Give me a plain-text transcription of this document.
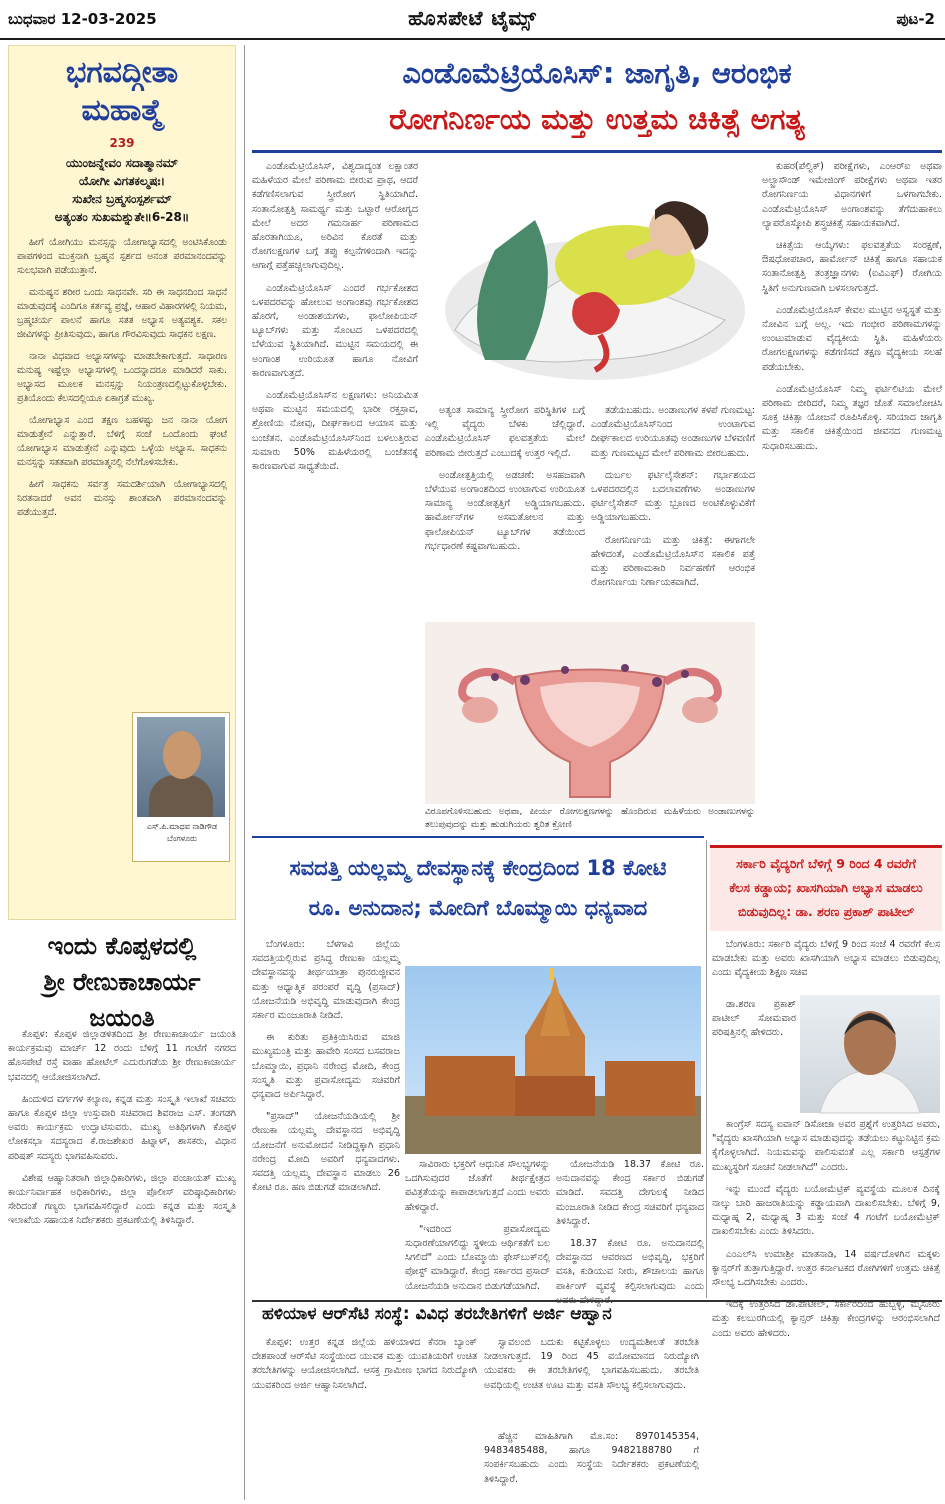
ಬುಧವಾರ 12-03-2025	ಹೊಸಪೇಟೆ ಟೈಮ್ಸ್	ಪುಟ-2
ಭಗವದ್ಗೀತಾ
ಮಹಾತ್ಮೆ
239
ಯುಂಜನ್ನೇವಂ ಸದಾತ್ಮಾನಮ್
ಯೋಗೀ ವಿಗತಕಲ್ಮಷಃ।
ಸುಖೇನ ಬ್ರಹ್ಮಸಂಸ್ಪರ್ಶಮ್
ಅತ್ಯಂತಂ ಸುಖಮಶ್ನುತೇ॥6-28॥

ಹೀಗೆ ಯೋಗಿಯು ಮನಸ್ಸನ್ನು ಯೋಗಾಭ್ಯಾಸದಲ್ಲಿ ಅಂಟಿಸಿಕೊಂಡು ಪಾಪಗಳಿಂದ ಮುಕ್ತನಾಗಿ ಬ್ರಹ್ಮನ ಸ್ಪರ್ಶದ ಅನಂತ ಪರಮಾನಂದವನ್ನು ಸುಲಭವಾಗಿ ಪಡೆಯುತ್ತಾನೆ.

ಮನುಷ್ಯನ ಶರೀರ ಒಂದು ಸಾಧನವೇ. ಸರಿ ಈ ಸಾಧನದಿಂದ ಸಾಧನೆ ಮಾಡುವುದಕ್ಕೆ ಎಂದಿಗೂ ಕರ್ತವ್ಯ ಪ್ರಜ್ಞೆ, ಆಹಾರ ವಿಹಾರಗಳಲ್ಲಿ ನಿಯಮ, ಬ್ರಹ್ಮಚರ್ಯ ಪಾಲನೆ ಹಾಗೂ ಸತತ ಅಭ್ಯಾಸ ಅತ್ಯವಶ್ಯಕ. ಸಕಲ ಜೀವಿಗಳನ್ನು ಪ್ರೀತಿಸುವುದು, ಹಾಗೂ ಗೌರವಿಸುವುದು ಸಾಧಕನ ಲಕ್ಷಣ.

ನಾನಾ ವಿಧವಾದ ಅಭ್ಯಾಸಗಳನ್ನು ಮಾಡಬೇಕಾಗುತ್ತದೆ. ಸಾಧಾರಣ ಮನುಷ್ಯ ಇಷ್ಟೆಲ್ಲಾ ಅಭ್ಯಾಸಗಳಲ್ಲಿ ಒಂದನ್ನಾದರೂ ಮಾಡಿದರೆ ಸಾಕು. ಅಭ್ಯಾಸದ ಮೂಲಕ ಮನಸ್ಸನ್ನು ನಿಯಂತ್ರಣದಲ್ಲಿಟ್ಟುಕೊಳ್ಳಬೇಕು. ಪ್ರತಿಯೊಂದು ಕೆಲಸದಲ್ಲಿಯೂ ಏಕಾಗ್ರತೆ ಮುಖ್ಯ.

ಯೋಗಾಭ್ಯಾಸ ಎಂದ ತಕ್ಷಣ ಬಹಳಷ್ಟು ಜನ ನಾನಾ ಯೋಗ ಮಾಡುತ್ತೇನೆ ಎನ್ನುತ್ತಾರೆ. ಬೆಳಿಗ್ಗೆ ಸಂಜೆ ಒಂದೊಂದು ಘಂಟೆ ಯೋಗಾಭ್ಯಾಸ ಮಾಡುತ್ತೇನೆ ಎನ್ನುವುದು ಒಳ್ಳೆಯ ಅಭ್ಯಾಸ. ಸಾಧಕನು ಮನಸ್ಸನ್ನು ಸತತವಾಗಿ ಪರಮಾತ್ಮನಲ್ಲಿ ನೆಲೆಗೊಳಿಸಬೇಕು.

ಹೀಗೆ ಸಾಧಕನು ಸರ್ವತ್ರ ಸಮದರ್ಶಿಯಾಗಿ ಯೋಗಾಭ್ಯಾಸದಲ್ಲಿ ನಿರತನಾದರೆ ಅವನ ಮನಸ್ಸು ಶಾಂತವಾಗಿ ಪರಮಾನಂದವನ್ನು ಪಡೆಯುತ್ತದೆ.

ಎಸ್.ಪಿ.ಮಾಧವ ನಾಡಿಗೌಡ ಬೆಂಗಳೂರು
ಇಂದು ಕೊಪ್ಪಳದಲ್ಲಿ
ಶ್ರೀ ರೇಣುಕಾಚಾರ್ಯ
ಜಯಂತಿ

ಕೊಪ್ಪಳ: ಕೊಪ್ಪಳ ಜಿಲ್ಲಾಡಳಿತದಿಂದ ಶ್ರೀ ರೇಣುಕಾಚಾರ್ಯ ಜಯಂತಿ ಕಾರ್ಯಕ್ರಮವು ಮಾರ್ಚ್ 12 ರಂದು ಬೆಳಿಗ್ಗೆ 11 ಗಂಟೆಗೆ ನಗರದ ಹೊಸಪೇಟೆ ರಸ್ತೆ ವಾಹಾ ಹೋಟೆಲ್ ಎದುರುಗಡೆಯ ಶ್ರೀ ರೇಣುಕಾಚಾರ್ಯ ಭವನದಲ್ಲಿ ಆಯೋಜಿಸಲಾಗಿದೆ.

ಹಿಂದುಳಿದ ವರ್ಗಗಳ ಕಲ್ಯಾಣ, ಕನ್ನಡ ಮತ್ತು ಸಂಸ್ಕೃತಿ ಇಲಾಖೆ ಸಚಿವರು ಹಾಗೂ ಕೊಪ್ಪಳ ಜಿಲ್ಲಾ ಉಸ್ತುವಾರಿ ಸಚಿವರಾದ ಶಿವರಾಜ ಎಸ್. ತಂಗಡಗಿ ಅವರು ಕಾರ್ಯಕ್ರಮ ಉದ್ಘಾಟಿಸುವರು. ಮುಖ್ಯ ಅತಿಥಿಗಳಾಗಿ ಕೊಪ್ಪಳ ಲೋಕಸಭಾ ಸದಸ್ಯರಾದ ಕೆ.ರಾಜಶೇಖರ ಹಿಟ್ನಾಳ್, ಶಾಸಕರು, ವಿಧಾನ ಪರಿಷತ್ ಸದಸ್ಯರು ಭಾಗವಹಿಸುವರು.

ವಿಶೇಷ ಆಹ್ವಾನಿತರಾಗಿ ಜಿಲ್ಲಾಧಿಕಾರಿಗಳು, ಜಿಲ್ಲಾ ಪಂಚಾಯತ್ ಮುಖ್ಯ ಕಾರ್ಯನಿರ್ವಾಹಕ ಅಧಿಕಾರಿಗಳು, ಜಿಲ್ಲಾ ಪೊಲೀಸ್ ವರಿಷ್ಠಾಧಿಕಾರಿಗಳು ಸೇರಿದಂತೆ ಗಣ್ಯರು ಭಾಗವಹಿಸಲಿದ್ದಾರೆ ಎಂದು ಕನ್ನಡ ಮತ್ತು ಸಂಸ್ಕೃತಿ ಇಲಾಖೆಯ ಸಹಾಯಕ ನಿರ್ದೇಶಕರು ಪ್ರಕಟಣೆಯಲ್ಲಿ ತಿಳಿಸಿದ್ದಾರೆ.

ಎಂಡೊಮೆಟ್ರಿಯೊಸಿಸ್: ಜಾಗೃತಿ, ಆರಂಭಿಕ
ರೋಗನಿರ್ಣಯ ಮತ್ತು ಉತ್ತಮ ಚಿಕಿತ್ಸೆ ಅಗತ್ಯ

ಎಂಡೊಮೆಟ್ರಿಯೊಸಿಸ್, ವಿಶ್ವದಾದ್ಯಂತ ಲಕ್ಷಾಂತರ ಮಹಿಳೆಯರ ಮೇಲೆ ಪರಿಣಾಮ ಬೀರುವ ಪ್ರಾಥ, ಆದರೆ ಕಡೆಗಣಿಸಲಾಗುವ ಸ್ತ್ರೀರೋಗ ಸ್ಥಿತಿಯಾಗಿದೆ. ಸಂತಾನೋತ್ಪತ್ತಿ ಸಾಮರ್ಥ್ಯ ಮತ್ತು ಒಟ್ಟಾರೆ ಆರೋಗ್ಯದ ಮೇಲೆ ಅದರ ಗಮನಾರ್ಹ ಪರಿಣಾಮದ ಹೊರತಾಗಿಯೂ, ಅರಿವಿನ ಕೊರತೆ ಮತ್ತು ರೋಗಲಕ್ಷಣಗಳ ಬಗ್ಗೆ ತಪ್ಪು ಕಲ್ಪನೆಗಳಿಂದಾಗಿ ಇದನ್ನು ಆಗಾಗ್ಗೆ ಪತ್ತೆಹಚ್ಚಲಾಗುವುದಿಲ್ಲ.

ಎಂಡೊಮೆಟ್ರಿಯೊಸಿಸ್ ಎಂದರೆ ಗರ್ಭಕೋಶದ ಒಳಪದರವನ್ನು ಹೋಲುವ ಅಂಗಾಂಶವು ಗರ್ಭಕೋಶದ ಹೊರಗೆ, ಅಂಡಾಶಯಗಳು, ಫಾಲೋಪಿಯನ್ ಟ್ಯೂಬ್‌ಗಳು ಮತ್ತು ಸೊಂಟದ ಒಳಪದರದಲ್ಲಿ ಬೆಳೆಯುವ ಸ್ಥಿತಿಯಾಗಿದೆ. ಮುಟ್ಟಿನ ಸಮಯದಲ್ಲಿ ಈ ಅಂಗಾಂಶ ಉರಿಯೂತ ಹಾಗೂ ನೋವಿಗೆ ಕಾರಣವಾಗುತ್ತದೆ.

ಎಂಡೊಮೆಟ್ರಿಯೊಸಿಸ್‌ನ ಲಕ್ಷಣಗಳು: ಅನಿಯಮಿತ ಅಥವಾ ಮುಟ್ಟಿನ ಸಮಯದಲ್ಲಿ ಭಾರೀ ರಕ್ತಸ್ರಾವ, ಶ್ರೋಣಿಯ ನೋವು, ದೀರ್ಘಕಾಲದ ಆಯಾಸ ಮತ್ತು ಬಂಜೆತನ. ಎಂಡೊಮೆಟ್ರಿಯೊಸಿಸ್‌ನಿಂದ ಬಳಲುತ್ತಿರುವ ಸುಮಾರು 50% ಮಹಿಳೆಯರಲ್ಲಿ ಬಂಜೆತನಕ್ಕೆ ಕಾರಣವಾಗುವ ಸಾಧ್ಯತೆಯಿದೆ.

ಅತ್ಯಂತ ಸಾಮಾನ್ಯ ಸ್ತ್ರೀರೋಗ ಪರಿಸ್ಥಿತಿಗಳ ಬಗ್ಗೆ ಇಲ್ಲಿ ವೈದ್ಯರು ಬೆಳಕು ಚೆಲ್ಲಿದ್ದಾರೆ. ಎಂಡೊಮೆಟ್ರಿಯೊಸಿಸ್ ಫಲವತ್ತತೆಯ ಮೇಲೆ ಪರಿಣಾಮ ಬೀರುತ್ತದೆ ಎಂಬುದಕ್ಕೆ ಉತ್ತರ ಇಲ್ಲಿದೆ.

ಅಂಡೋತ್ಪತ್ತಿಯಲ್ಲಿ ಅಡಚಣೆ: ಅಸಹಜವಾಗಿ ಬೆಳೆಯುವ ಅಂಗಾಂಶದಿಂದ ಉಂಟಾಗುವ ಉರಿಯೂತ ಸಾಮಾನ್ಯ ಅಂಡೋತ್ಪತ್ತಿಗೆ ಅಡ್ಡಿಯಾಗಬಹುದು. ಹಾರ್ಮೋನ್‌ಗಳ ಅಸಮತೋಲನ ಮತ್ತು ಫಾಲೋಪಿಯನ್ ಟ್ಯೂಬ್‌ಗಳ ತಡೆಯಿಂದ ಗರ್ಭಧಾರಣೆ ಕಷ್ಟವಾಗಬಹುದು.

ತಡೆಯಬಹುದು. ಅಂಡಾಣುಗಳ ಕಳಪೆ ಗುಣಮಟ್ಟ: ಎಂಡೊಮೆಟ್ರಿಯೊಸಿಸ್‌ನಿಂದ ಉಂಟಾಗುವ ದೀರ್ಘಕಾಲದ ಉರಿಯೂತವು ಅಂಡಾಣುಗಳ ಬೆಳವಣಿಗೆ ಮತ್ತು ಗುಣಮಟ್ಟದ ಮೇಲೆ ಪರಿಣಾಮ ಬೀರಬಹುದು.

ದುರ್ಬಲ ಫರ್ಟಿಲೈಸೇಶನ್: ಗರ್ಭಾಶಯದ ಒಳಪದರದಲ್ಲಿನ ಬದಲಾವಣೆಗಳು ಅಂಡಾಣುಗಳ ಫರ್ಟಿಲೈಸೇಶನ್ ಮತ್ತು ಭ್ರೂಣದ ಅಂಟಿಕೊಳ್ಳುವಿಕೆಗೆ ಅಡ್ಡಿಯಾಗಬಹುದು.

ರೋಗನಿರ್ಣಯ ಮತ್ತು ಚಿಕಿತ್ಸೆ: ಈಗಾಗಲೇ ಹೇಳಿದಂತೆ, ಎಂಡೊಮೆಟ್ರಿಯೊಸಿಸ್‌ನ ಸಕಾಲಿಕ ಪತ್ತೆ ಮತ್ತು ಪರಿಣಾಮಕಾರಿ ನಿರ್ವಹಣೆಗೆ ಆರಂಭಿಕ ರೋಗನಿರ್ಣಯ ನಿರ್ಣಾಯಕವಾಗಿದೆ.

ವಿರೂಪಗೊಳಿಸಬಹುದು ಅಥವಾ, ಪೀರ್ಯ ರೋಗಲಕ್ಷಣಗಳನ್ನು ಹೊಂದಿರುವ ಮಹಿಳೆಯರು ಅಂಡಾಣುಗಳನ್ನು ತಲುಪುವುದನ್ನು ಮತ್ತು ಹುಡುಗಿಯರು ತ್ವರಿತ ಕ್ರೋಣಿ

ಕುಹರ(ಪೆಲ್ವಿಕ್) ಪರೀಕ್ಷೆಗಳು, ಎಂಆರ್‌ಐ ಅಥವಾ ಅಲ್ಟ್ರಾಸೌಂಡ್ ಇಮೇಜಿಂಗ್ ಪರೀಕ್ಷೆಗಳು ಅಥವಾ ಇತರ ರೋಗನಿರ್ಣಯ ವಿಧಾನಗಳಿಗೆ ಒಳಗಾಗಬೇಕು. ಎಂಡೊಮೆಟ್ರಿಯೊಸಿಸ್ ಅಂಗಾಂಶವನ್ನು ತೆಗೆದುಹಾಕಲು ಲ್ಯಾಪರೊಸ್ಕೋಪಿ ಶಸ್ತ್ರಚಿಕಿತ್ಸೆ ಸಹಾಯಕವಾಗಿದೆ.

ಚಿಕಿತ್ಸೆಯ ಆಯ್ಕೆಗಳು: ಫಲವತ್ತತೆಯ ಸಂರಕ್ಷಣೆ, ಔಷಧೋಪಚಾರ, ಹಾರ್ಮೋನ್ ಚಿಕಿತ್ಸೆ ಹಾಗೂ ಸಹಾಯಕ ಸಂತಾನೋತ್ಪತ್ತಿ ತಂತ್ರಜ್ಞಾನಗಳು (ಐವಿಎಫ್) ರೋಗಿಯ ಸ್ಥಿತಿಗೆ ಅನುಗುಣವಾಗಿ ಬಳಸಲಾಗುತ್ತದೆ.

ಎಂಡೊಮೆಟ್ರಿಯೊಸಿಸ್ ಕೇವಲ ಮುಟ್ಟಿನ ಅಸ್ವಸ್ಥತೆ ಮತ್ತು ನೋವಿನ ಬಗ್ಗೆ ಅಲ್ಲ. ಇದು ಗಂಭೀರ ಪರಿಣಾಮಗಳನ್ನು ಉಂಟುಮಾಡುವ ವೈದ್ಯಕೀಯ ಸ್ಥಿತಿ. ಮಹಿಳೆಯರು ರೋಗಲಕ್ಷಣಗಳನ್ನು ಕಡೆಗಣಿಸದೆ ತಕ್ಷಣ ವೈದ್ಯಕೀಯ ಸಲಹೆ ಪಡೆಯಬೇಕು.

ಎಂಡೊಮೆಟ್ರಿಯೊಸಿಸ್ ನಿಮ್ಮ ಫರ್ಟಿಲಿಟಿಯ ಮೇಲೆ ಪರಿಣಾಮ ಬೀರಿದರೆ, ನಿಮ್ಮ ತಜ್ಞರ ಜೊತೆ ಸಮಾಲೋಚಿಸಿ ಸೂಕ್ತ ಚಿಕಿತ್ಸಾ ಯೋಜನೆ ರೂಪಿಸಿಕೊಳ್ಳಿ. ಸರಿಯಾದ ಜಾಗೃತಿ ಮತ್ತು ಸಕಾಲಿಕ ಚಿಕಿತ್ಸೆಯಿಂದ ಜೀವನದ ಗುಣಮಟ್ಟ ಸುಧಾರಿಸಬಹುದು.

ಸವದತ್ತಿ ಯಲ್ಲಮ್ಮ ದೇವಸ್ಥಾನಕ್ಕೆ ಕೇಂದ್ರದಿಂದ 18 ಕೋಟಿ
ರೂ. ಅನುದಾನ; ಮೋದಿಗೆ ಬೊಮ್ಮಾಯಿ ಧನ್ಯವಾದ

ಬೆಂಗಳೂರು: ಬೆಳಗಾವಿ ಜಿಲ್ಲೆಯ ಸವದತ್ತಿಯಲ್ಲಿರುವ ಪ್ರಸಿದ್ಧ ರೇಣುಕಾ ಯಲ್ಲಮ್ಮ ದೇವಸ್ಥಾನವನ್ನು ತೀರ್ಥಯಾತ್ರಾ ಪುನರುಜ್ಜೀವನ ಮತ್ತು ಆಧ್ಯಾತ್ಮಿಕ ಪರಂಪರೆ ವೃದ್ಧಿ (ಪ್ರಸಾದ್) ಯೋಜನೆಯಡಿ ಅಭಿವೃದ್ಧಿ ಮಾಡುವುದಾಗಿ ಕೇಂದ್ರ ಸರ್ಕಾರ ಮಂಜೂರಾತಿ ನೀಡಿದೆ.

ಈ ಕುರಿತು ಪ್ರತಿಕ್ರಿಯಿಸಿರುವ ಮಾಜಿ ಮುಖ್ಯಮಂತ್ರಿ ಮತ್ತು ಹಾವೇರಿ ಸಂಸದ ಬಸವರಾಜ ಬೊಮ್ಮಾಯಿ, ಪ್ರಧಾನಿ ನರೇಂದ್ರ ಮೋದಿ, ಕೇಂದ್ರ ಸಂಸ್ಕೃತಿ ಮತ್ತು ಪ್ರವಾಸೋದ್ಯಮ ಸಚಿವರಿಗೆ ಧನ್ಯವಾದ ಅರ್ಪಿಸಿದ್ದಾರೆ.

"ಪ್ರಸಾದ್" ಯೋಜನೆಯಡಿಯಲ್ಲಿ ಶ್ರೀ ರೇಣುಕಾ ಯಲ್ಲಮ್ಮ ದೇವಸ್ಥಾನದ ಅಭಿವೃದ್ಧಿ ಯೋಜನೆಗೆ ಅನುಮೋದನೆ ನೀಡಿದ್ದಕ್ಕಾಗಿ ಪ್ರಧಾನಿ ನರೇಂದ್ರ ಮೋದಿ ಅವರಿಗೆ ಧನ್ಯವಾದಗಳು. ಸವದತ್ತಿ ಯಲ್ಲಮ್ಮ ದೇವಸ್ಥಾನ ಮಾಡಲು 26 ಕೋಟಿ ರೂ. ಹಣ ಬಿಡುಗಡೆ ಮಾಡಲಾಗಿದೆ.

ಸಾವಿರಾರು ಭಕ್ತರಿಗೆ ಆಧುನಿಕ ಸೌಲಭ್ಯಗಳನ್ನು ಒದಗಿಸುವುದರ ಜೊತೆಗೆ ತೀರ್ಥಕ್ಷೇತ್ರದ ಪವಿತ್ರತೆಯನ್ನು ಕಾಪಾಡಲಾಗುತ್ತದೆ ಎಂದು ಅವರು ಹೇಳಿದ್ದಾರೆ.

"ಇದರಿಂದ ಪ್ರವಾಸೋದ್ಯಮ ಸುಧಾರಣೆಯಾಗಲಿದ್ದು ಸ್ಥಳೀಯ ಆರ್ಥಿಕತೆಗೆ ಬಲ ಸಿಗಲಿದೆ" ಎಂದು ಬೊಮ್ಮಾಯಿ ಫೇಸ್‌ಬುಕ್‌ನಲ್ಲಿ ಪೋಸ್ಟ್ ಮಾಡಿದ್ದಾರೆ. ಕೇಂದ್ರ ಸರ್ಕಾರದ ಪ್ರಸಾದ್ ಯೋಜನೆಯಡಿ ಅನುದಾನ ಬಿಡುಗಡೆಯಾಗಿದೆ.

ಯೋಜನೆಯಡಿ 18.37 ಕೋಟಿ ರೂ. ಅನುದಾನವನ್ನು ಕೇಂದ್ರ ಸರ್ಕಾರ ಬಿಡುಗಡೆ ಮಾಡಿದೆ. ಸವದತ್ತಿ ದೇಗುಲಕ್ಕೆ ನೀಡಿದ ಮಂಜೂರಾತಿ ನೀಡಿದ ಕೇಂದ್ರ ಸಚಿವರಿಗೆ ಧನ್ಯವಾದ ತಿಳಿಸಿದ್ದಾರೆ.

18.37 ಕೋಟಿ ರೂ. ಅನುದಾನದಲ್ಲಿ ದೇವಸ್ಥಾನದ ಆವರಣದ ಅಭಿವೃದ್ಧಿ, ಭಕ್ತರಿಗೆ ವಸತಿ, ಕುಡಿಯುವ ನೀರು, ಶೌಚಾಲಯ ಹಾಗೂ ಪಾರ್ಕಿಂಗ್ ವ್ಯವಸ್ಥೆ ಕಲ್ಪಿಸಲಾಗುವುದು ಎಂದು ಅವರು ಹೇಳಿದ್ದಾರೆ.

ಸರ್ಕಾರಿ ವೈದ್ಯರಿಗೆ ಬೆಳಿಗ್ಗೆ 9 ರಿಂದ 4 ರವರೆಗೆ
ಕೆಲಸ ಕಡ್ಡಾಯ; ಖಾಸಗಿಯಾಗಿ ಅಭ್ಯಾಸ ಮಾಡಲು
ಬಿಡುವುದಿಲ್ಲ: ಡಾ. ಶರಣ ಪ್ರಕಾಶ್ ಪಾಟೀಲ್

ಬೆಂಗಳೂರು: ಸರ್ಕಾರಿ ವೈದ್ಯರು ಬೆಳಿಗ್ಗೆ 9 ರಿಂದ ಸಂಜೆ 4 ರವರೆಗೆ ಕೆಲಸ ಮಾಡಬೇಕು ಮತ್ತು ಅವರು ಖಾಸಗಿಯಾಗಿ ಅಭ್ಯಾಸ ಮಾಡಲು ಬಿಡುವುದಿಲ್ಲ ಎಂದು ವೈದ್ಯಕೀಯ ಶಿಕ್ಷಣ ಸಚಿವ

ಡಾ.ಶರಣ ಪ್ರಕಾಶ್ ಪಾಟೀಲ್ ಸೋಮವಾರ ಪರಿಷತ್ತಿನಲ್ಲಿ ಹೇಳಿದರು.

ಕಾಂಗ್ರೆಸ್ ಸದಸ್ಯ ಐವಾನ್ ಡಿಸೋಜಾ ಅವರ ಪ್ರಶ್ನೆಗೆ ಉತ್ತರಿಸಿದ ಅವರು, "ವೈದ್ಯರು ಖಾಸಗಿಯಾಗಿ ಅಭ್ಯಾಸ ಮಾಡುವುದನ್ನು ತಡೆಯಲು ಕಟ್ಟುನಿಟ್ಟಿನ ಕ್ರಮ ಕೈಗೊಳ್ಳಲಾಗಿದೆ. ನಿಯಮವನ್ನು ಪಾಲಿಸುವಂತೆ ಎಲ್ಲ ಸರ್ಕಾರಿ ಆಸ್ಪತ್ರೆಗಳ ಮುಖ್ಯಸ್ಥರಿಗೆ ಸೂಚನೆ ನೀಡಲಾಗಿದೆ" ಎಂದರು.

ಇನ್ನು ಮುಂದೆ ವೈದ್ಯರು ಬಯೋಮೆಟ್ರಿಕ್ ವ್ಯವಸ್ಥೆಯ ಮೂಲಕ ದಿನಕ್ಕೆ ನಾಲ್ಕು ಬಾರಿ ಹಾಜರಾತಿಯನ್ನು ಕಡ್ಡಾಯವಾಗಿ ದಾಖಲಿಸಬೇಕು. ಬೆಳಿಗ್ಗೆ 9, ಮಧ್ಯಾಹ್ನ 2, ಮಧ್ಯಾಹ್ನ 3 ಮತ್ತು ಸಂಜೆ 4 ಗಂಟೆಗೆ ಬಯೋಮೆಟ್ರಿಕ್ ದಾಖಲಿಸಬೇಕು ಎಂದು ತಿಳಿಸಿದರು.

ಎಂಎಲ್‌ಸಿ ಉಮಾಶ್ರೀ ಮಾತನಾಡಿ, 14 ವರ್ಷದೊಳಗಿನ ಮಕ್ಕಳು ಕ್ಯಾನ್ಸರ್‌ಗೆ ತುತ್ತಾಗುತ್ತಿದ್ದಾರೆ. ಉತ್ತರ ಕರ್ನಾಟಕದ ರೋಗಿಗಳಿಗೆ ಉತ್ತಮ ಚಿಕಿತ್ಸೆ ಸೌಲಭ್ಯ ಒದಗಿಸಬೇಕು ಎಂದರು.

ಇದಕ್ಕೆ ಉತ್ತರಿಸಿದ ಡಾ.ಪಾಟೀಲ್, ಸರ್ಕಾರದಿಂದ ಹುಬ್ಬಳ್ಳಿ, ಮೈಸೂರು ಮತ್ತು ಕಲಬುರಗಿಯಲ್ಲಿ ಕ್ಯಾನ್ಸರ್ ಚಿಕಿತ್ಸಾ ಕೇಂದ್ರಗಳನ್ನು ಆರಂಭಿಸಲಾಗಿದೆ ಎಂದು ಅವರು ಹೇಳಿದರು.

ಹಳಿಯಾಳ ಆರ್‌ಸೆಟಿ ಸಂಸ್ಥೆ: ವಿವಿಧ ತರಬೇತಿಗಳಿಗೆ ಅರ್ಜಿ ಆಹ್ವಾನ

ಕೊಪ್ಪಳ: ಉತ್ತರ ಕನ್ನಡ ಜಿಲ್ಲೆಯ ಹಳಿಯಾಳದ ಕೆನರಾ ಬ್ಯಾಂಕ್ ದೇಶಪಾಂಡೆ ಆರ್‌ಸೆಟಿ ಸಂಸ್ಥೆಯಿಂದ ಯುವಕ ಮತ್ತು ಯುವತಿಯರಿಗೆ ಉಚಿತ ತರಬೇತಿಗಳನ್ನು ಆಯೋಜಿಸಲಾಗಿದೆ. ಆಸಕ್ತ ಗ್ರಾಮೀಣ ಭಾಗದ ನಿರುದ್ಯೋಗಿ ಯುವಕರಿಂದ ಅರ್ಜಿ ಆಹ್ವಾನಿಸಲಾಗಿದೆ.

ಸ್ವಾವಲಂಬಿ ಬದುಕು ಕಟ್ಟಿಕೊಳ್ಳಲು ಉದ್ಯಮಶೀಲತೆ ತರಬೇತಿ ನೀಡಲಾಗುತ್ತದೆ. 19 ರಿಂದ 45 ವಯೋಮಾನದ ನಿರುದ್ಯೋಗಿ ಯುವಕರು ಈ ತರಬೇತಿಗಳಲ್ಲಿ ಭಾಗವಹಿಸಬಹುದು. ತರಬೇತಿ ಅವಧಿಯಲ್ಲಿ ಉಚಿತ ಊಟ ಮತ್ತು ವಸತಿ ಸೌಲಭ್ಯ ಕಲ್ಪಿಸಲಾಗುವುದು.

ಹೆಚ್ಚಿನ ಮಾಹಿತಿಗಾಗಿ ಮೊ.ಸಂ: 8970145354, 9483485488, ಹಾಗೂ 9482188780 ಗೆ ಸಂಪರ್ಕಿಸಬಹುದು ಎಂದು ಸಂಸ್ಥೆಯ ನಿರ್ದೇಶಕರು ಪ್ರಕಟಣೆಯಲ್ಲಿ ತಿಳಿಸಿದ್ದಾರೆ.
